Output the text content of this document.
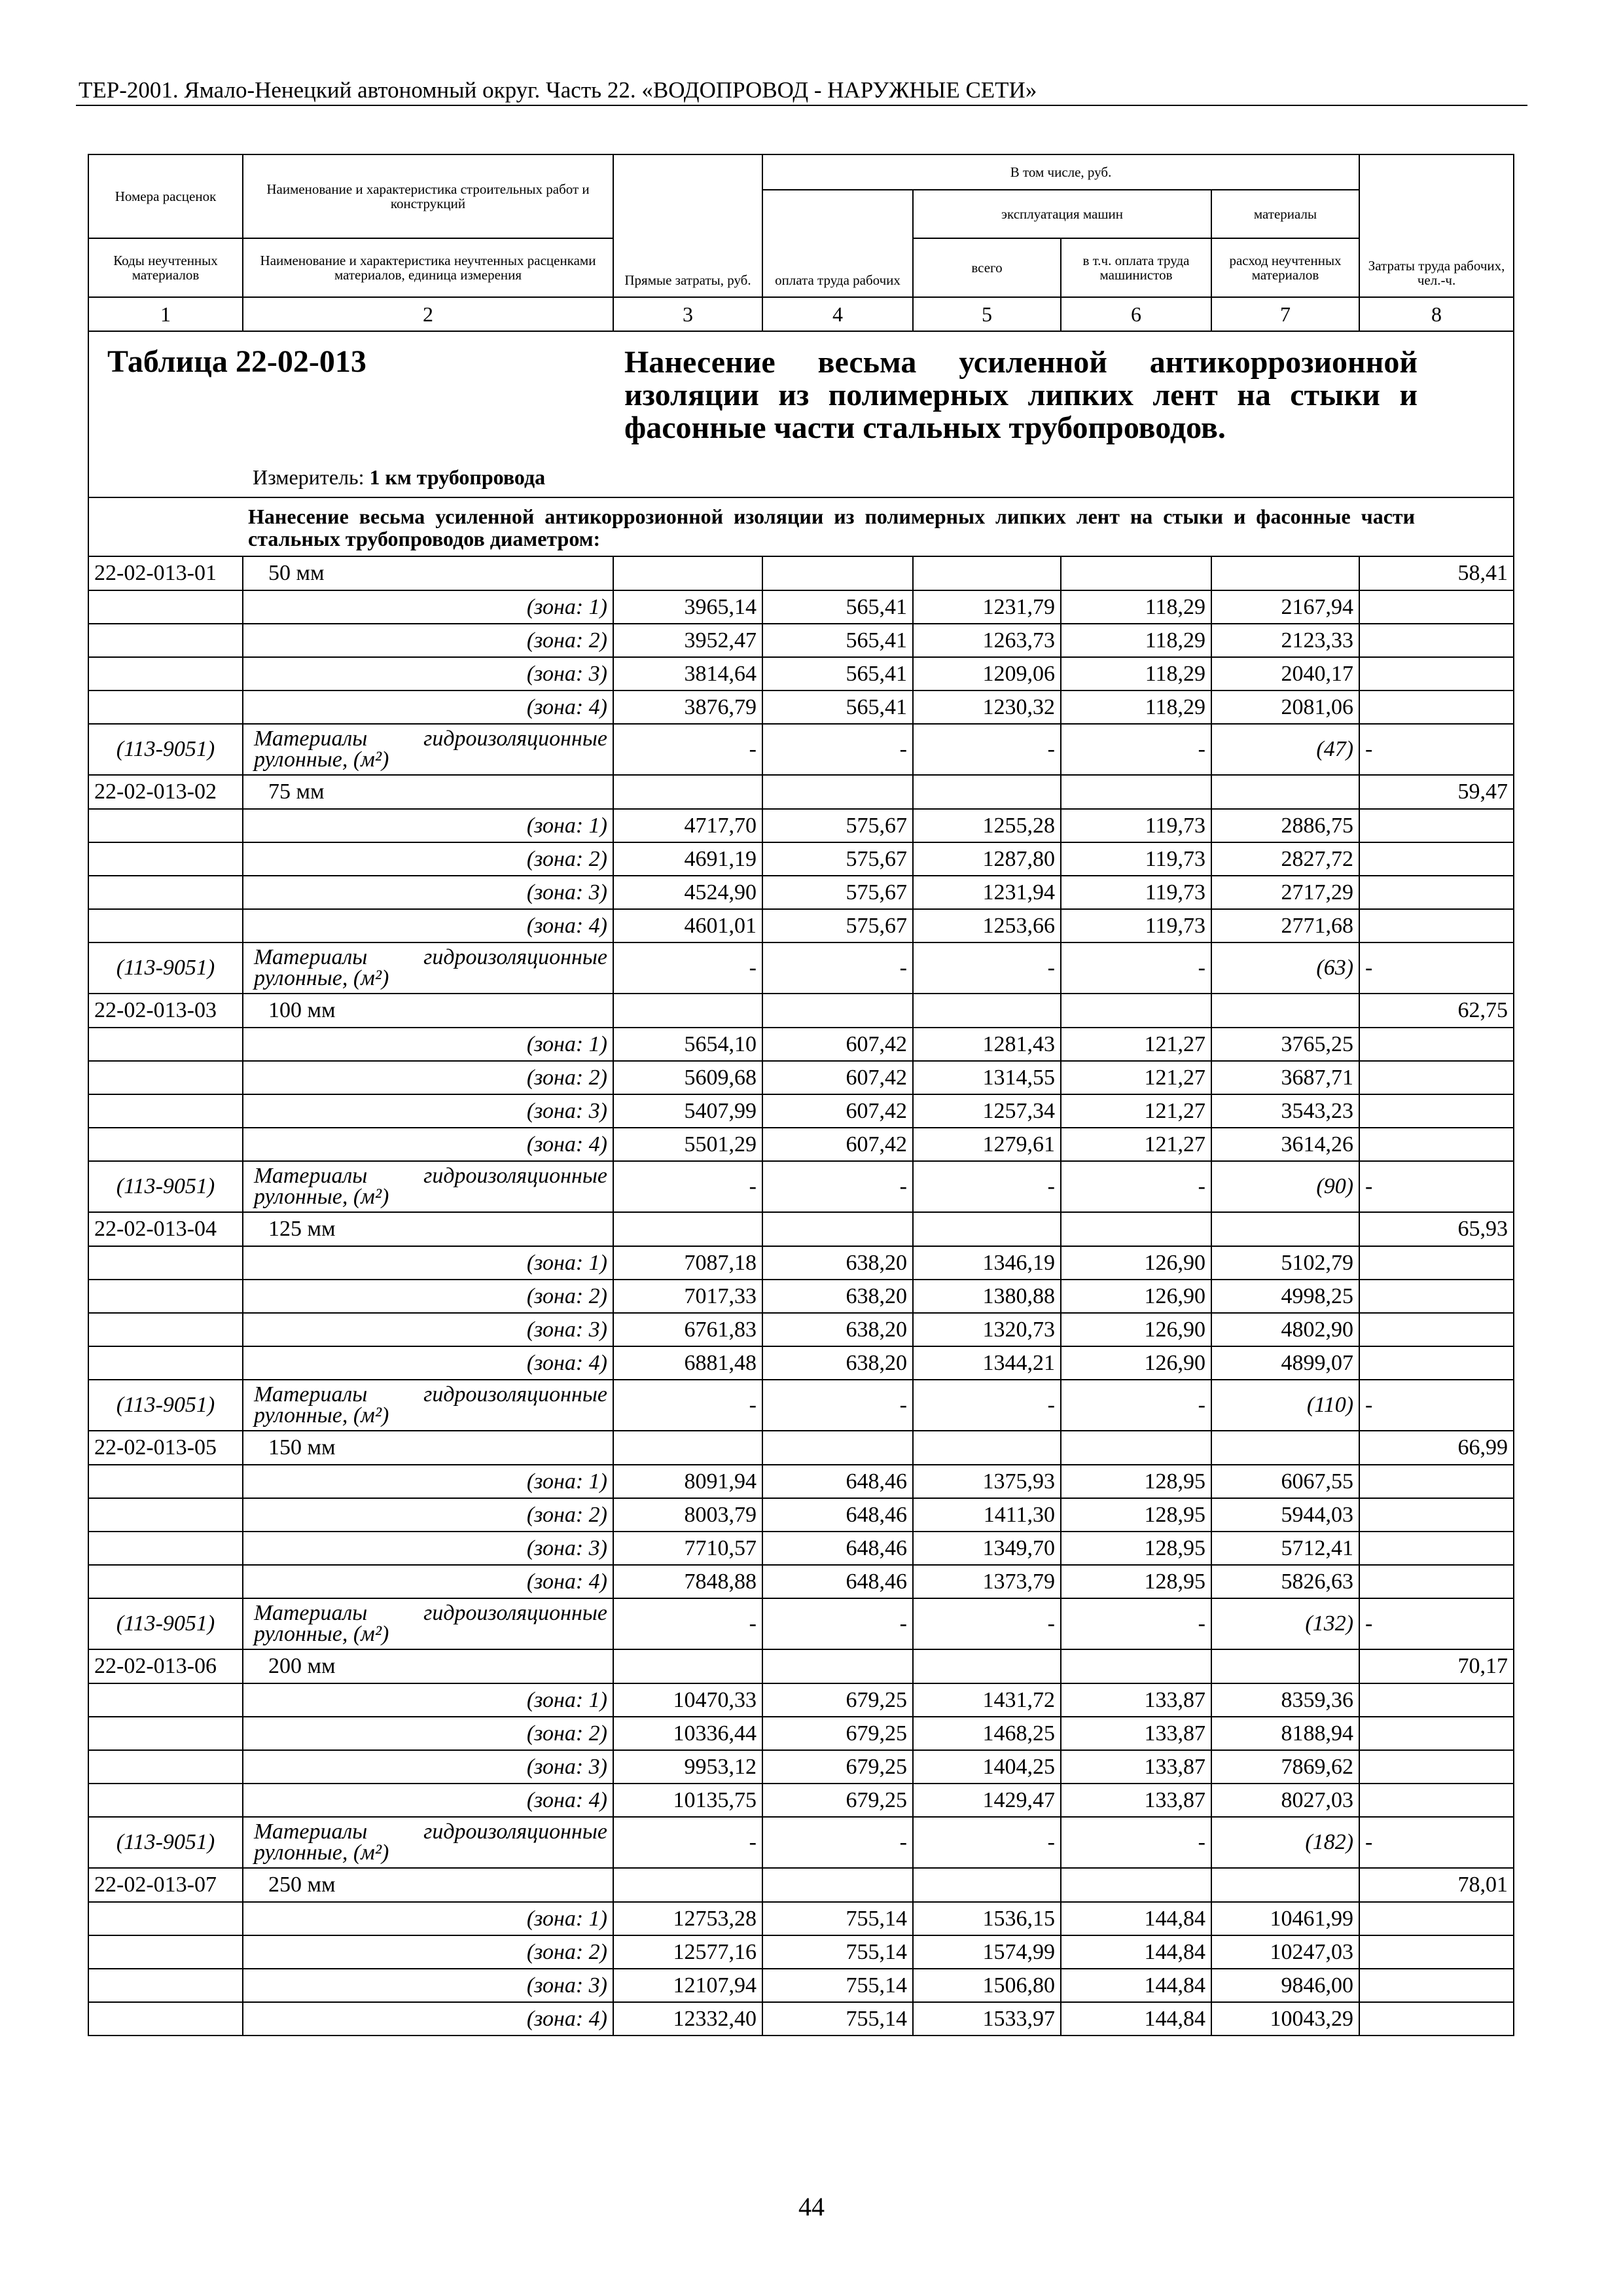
ТЕР-2001. Ямало-Ненецкий автономный округ. Часть 22. «ВОДОПРОВОД - НАРУЖНЫЕ СЕТИ»
Номера расценок	Наименование и характеристика строительных работ и конструкций	Прямые затраты, руб.	В том числе, руб.				Затраты труда рабочих, чел.-ч.
			оплата труда рабочих	эксплуатация машин		материалы	
Коды неучтенных материалов	Наименование и характеристика неучтенных расценками материалов, единица измерения			всего	в т.ч. оплата труда машинистов	расход неучтенных материалов	

1	2	3	4	5	6	7	8

Таблица 22-02-013 Нанесение весьма усиленной антикоррозионной изоляции из полимерных липких лент на стыки и фасонные части стальных трубопроводов.
Измеритель: 1 км трубопровода							

	Нанесение весьма усиленной антикоррозионной изоляции из полимерных липких лент на стыки и фасонные части стальных трубопроводов диаметром:						

22-02-013-01	50 мм						58,41
	(зона: 1)	3965,14	565,41	1231,79	118,29	2167,94	
	(зона: 2)	3952,47	565,41	1263,73	118,29	2123,33	
	(зона: 3)	3814,64	565,41	1209,06	118,29	2040,17	
	(зона: 4)	3876,79	565,41	1230,32	118,29	2081,06	
(113-9051)	Материалы гидроизоляционные рулонные, (м²)	-	-	-	-	(47)	-
22-02-013-02	75 мм						59,47
	(зона: 1)	4717,70	575,67	1255,28	119,73	2886,75	
	(зона: 2)	4691,19	575,67	1287,80	119,73	2827,72	
	(зона: 3)	4524,90	575,67	1231,94	119,73	2717,29	
	(зона: 4)	4601,01	575,67	1253,66	119,73	2771,68	
(113-9051)	Материалы гидроизоляционные рулонные, (м²)	-	-	-	-	(63)	-
22-02-013-03	100 мм						62,75
	(зона: 1)	5654,10	607,42	1281,43	121,27	3765,25	
	(зона: 2)	5609,68	607,42	1314,55	121,27	3687,71	
	(зона: 3)	5407,99	607,42	1257,34	121,27	3543,23	
	(зона: 4)	5501,29	607,42	1279,61	121,27	3614,26	
(113-9051)	Материалы гидроизоляционные рулонные, (м²)	-	-	-	-	(90)	-
22-02-013-04	125 мм						65,93
	(зона: 1)	7087,18	638,20	1346,19	126,90	5102,79	
	(зона: 2)	7017,33	638,20	1380,88	126,90	4998,25	
	(зона: 3)	6761,83	638,20	1320,73	126,90	4802,90	
	(зона: 4)	6881,48	638,20	1344,21	126,90	4899,07	
(113-9051)	Материалы гидроизоляционные рулонные, (м²)	-	-	-	-	(110)	-
22-02-013-05	150 мм						66,99
	(зона: 1)	8091,94	648,46	1375,93	128,95	6067,55	
	(зона: 2)	8003,79	648,46	1411,30	128,95	5944,03	
	(зона: 3)	7710,57	648,46	1349,70	128,95	5712,41	
	(зона: 4)	7848,88	648,46	1373,79	128,95	5826,63	
(113-9051)	Материалы гидроизоляционные рулонные, (м²)	-	-	-	-	(132)	-
22-02-013-06	200 мм						70,17
	(зона: 1)	10470,33	679,25	1431,72	133,87	8359,36	
	(зона: 2)	10336,44	679,25	1468,25	133,87	8188,94	
	(зона: 3)	9953,12	679,25	1404,25	133,87	7869,62	
	(зона: 4)	10135,75	679,25	1429,47	133,87	8027,03	
(113-9051)	Материалы гидроизоляционные рулонные, (м²)	-	-	-	-	(182)	-
22-02-013-07	250 мм						78,01
	(зона: 1)	12753,28	755,14	1536,15	144,84	10461,99	
	(зона: 2)	12577,16	755,14	1574,99	144,84	10247,03	
	(зона: 3)	12107,94	755,14	1506,80	144,84	9846,00	
	(зона: 4)	12332,40	755,14	1533,97	144,84	10043,29	
44
